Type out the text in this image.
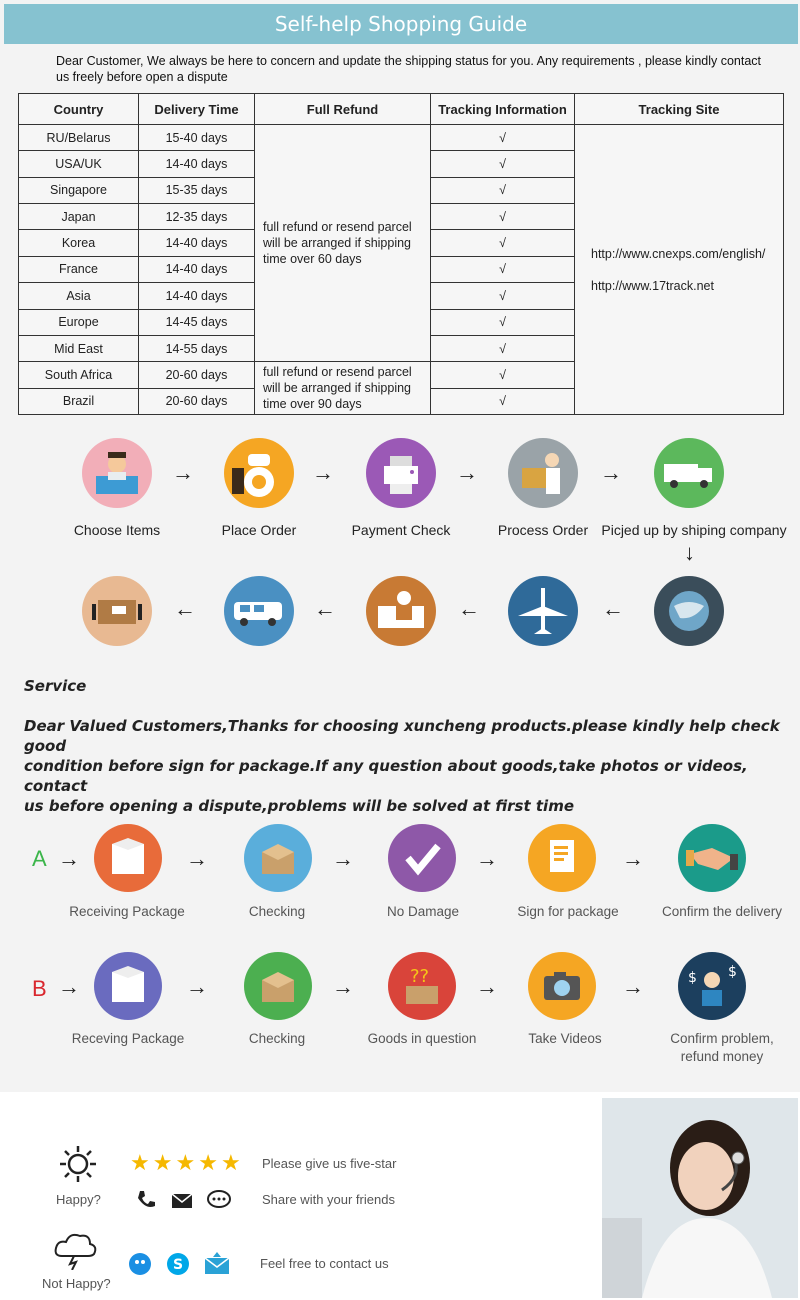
Self-help Shopping Guide
Dear Customer, We always be here to concern and update the shipping status for you. Any requirements , please kindly contact us freely before open a dispute
Country	Delivery Time	Full Refund	Tracking Information	Tracking Site
RU/Belarus	15-40 days	full refund or resend parcel will be arranged if shipping time over 60 days	√	http://www.cnexps.com/english/
http://www.17track.net

USA/UK	14-40 days		√	
Singapore	15-35 days		√	
Japan	12-35 days		√	
Korea	14-40 days		√	
France	14-40 days		√	
Asia	14-40 days		√	
Europe	14-45 days		√	
Mid East	14-55 days		√	
South Africa	20-60 days	full refund or resend parcel will be arranged if shipping time over 90 days	√	
Brazil	20-60 days		√	
→	→	→	→
Choose Items	Place Order	Payment Check	Process Order Picjed up by shiping company
↓
←	←	←	←
Service
Dear Valued Customers,Thanks for choosing xuncheng products.please kindly help check good
condition before sign for package.If any question about goods,take photos or videos, contact
us before opening a dispute,problems will be solved at first time
A →	→	→	→	→
Receiving Package	Checking	No Damage	Sign for package	Confirm the delivery
B →	??	$ $
→	→	→	→
Receving Package	Checking	Goods in question	Take Videos	Confirm problem,
refund money
Happy?
★ ★ ★ ★ ★ Please give us five-star
Share with your friends
Not Happy?
S	Feel free to contact us
